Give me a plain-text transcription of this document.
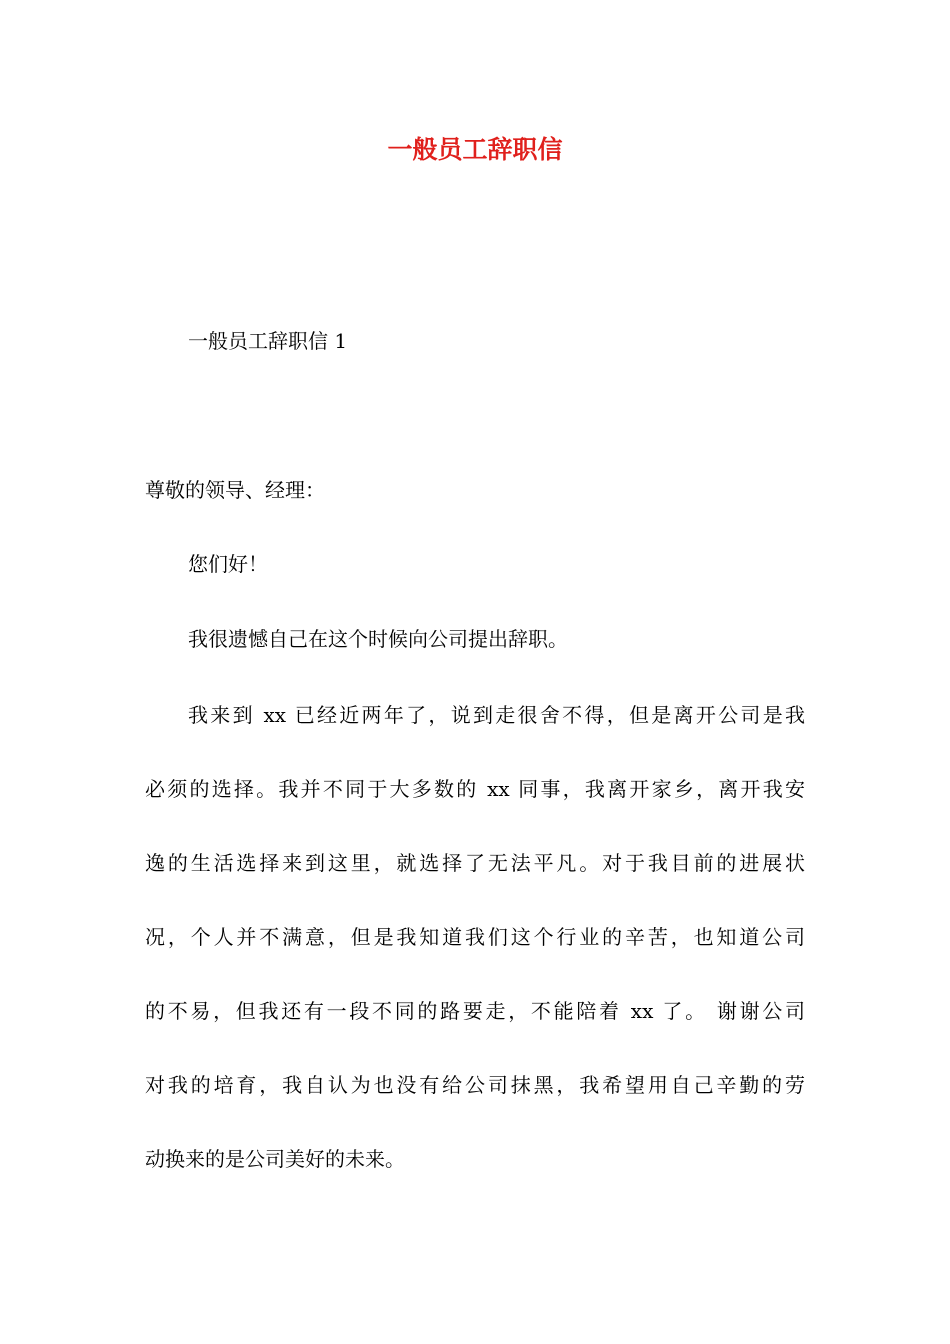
一般员工辞职信

一般员工辞职信 1

尊敬的领导、经理：

您们好！

我很遗憾自己在这个时候向公司提出辞职。

我来到 xx 已经近两年了，说到走很舍不得，但是离开公司是我

必须的选择。我并不同于大多数的 xx 同事，我离开家乡，离开我安

逸的生活选择来到这里，就选择了无法平凡。对于我目前的进展状

况，个人并不满意，但是我知道我们这个行业的辛苦，也知道公司

的不易，但我还有一段不同的路要走，不能陪着 xx 了。 谢谢公司

对我的培育，我自认为也没有给公司抹黑，我希望用自己辛勤的劳

动换来的是公司美好的未来。
